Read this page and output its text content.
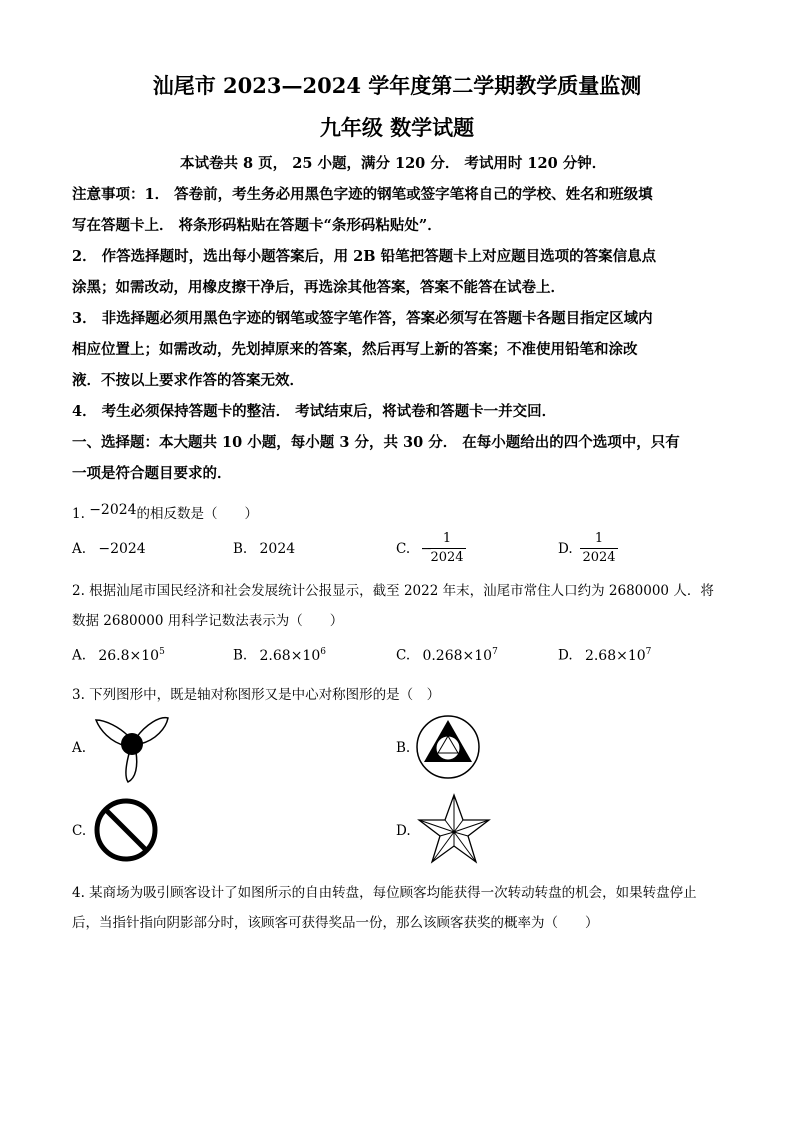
汕尾市 2023—2024 学年度第二学期教学质量监测
九年级 数学试题
本试卷共 8 页， 25 小题，满分 120 分． 考试用时 120 分钟．
注意事项：1． 答卷前，考生务必用黑色字迹的钢笔或签字笔将自己的学校、姓名和班级填
写在答题卡上． 将条形码粘贴在答题卡“条形码粘贴处”．
2． 作答选择题时，选出每小题答案后，用 2B 铅笔把答题卡上对应题目选项的答案信息点
涂黑；如需改动，用橡皮擦干净后，再选涂其他答案，答案不能答在试卷上．
3． 非选择题必须用黑色字迹的钢笔或签字笔作答，答案必须写在答题卡各题目指定区域内
相应位置上；如需改动，先划掉原来的答案，然后再写上新的答案；不准使用铅笔和涂改
液．不按以上要求作答的答案无效．
4． 考生必须保持答题卡的整洁． 考试结束后，将试卷和答题卡一并交回．
一、选择题：本大题共 10 小题，每小题 3 分，共 30 分． 在每小题给出的四个选项中，只有
一项是符合题目要求的．
1. −2024的相反数是（　　）
A. −2024	B. 2024	C. −
1
2024
D.
1
2024
2. 根据汕尾市国民经济和社会发展统计公报显示，截至 2022 年末，汕尾市常住人口约为 2680000 人．将
数据 2680000 用科学记数法表示为（　　）
A. $26.8\times 10^5$	B. $2.68\times 10^6$	C. $0.268\times 10^7$	D. $2.68\times 10^7$
3. 下列图形中，既是轴对称图形又是中心对称图形的是（　）
A.	B.
C.	D.
4. 某商场为吸引顾客设计了如图所示的自由转盘，每位顾客均能获得一次转动转盘的机会，如果转盘停止
后，当指针指向阴影部分时，该顾客可获得奖品一份，那么该顾客获奖的概率为（　　）
